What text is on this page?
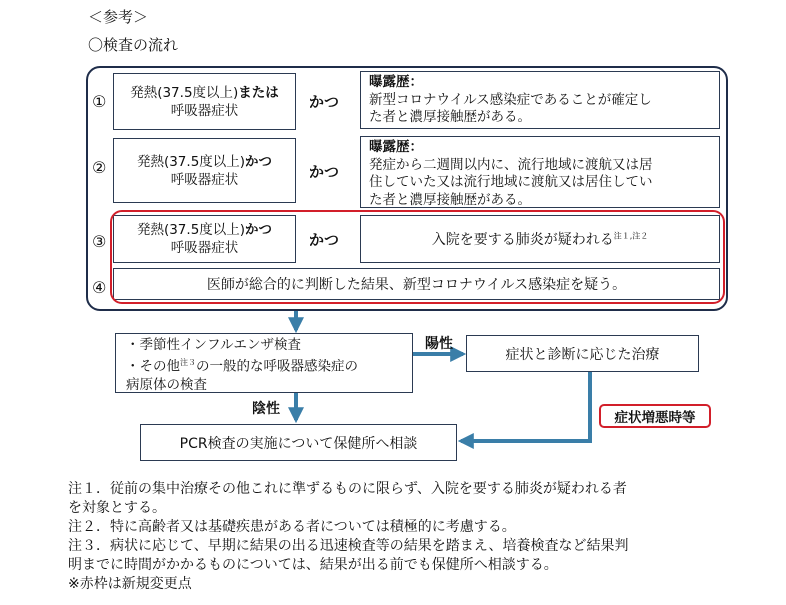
＜参考＞
〇検査の流れ
① 発熱(37.5度以上)または
呼吸器症状	かつ
曝露歴：
新型コロナウイルス感染症であることが確定し
た者と濃厚接触歴がある。
② 発熱(37.5度以上)かつ
呼吸器症状	かつ
曝露歴：
発症から二週間以内に、流行地域に渡航又は居
住していた又は流行地域に渡航又は居住してい
た者と濃厚接触歴がある。
③
発熱(37.5度以上)かつ
呼吸器症状	かつ	入院を要する肺炎が疑われる$^{注1,注2}$
④	医師が総合的に判断した結果、新型コロナウイルス感染症を疑う。
・季節性インフルエンザ検査
・その他$^{注3}$の一般的な呼吸器感染症の
病原体の検査
陽性
症状と診断に応じた治療
陰性
症状増悪時等
PCR検査の実施について保健所へ相談
注１．従前の集中治療その他これに準ずるものに限らず、入院を要する肺炎が疑われる者
を対象とする。
注２．特に高齢者又は基礎疾患がある者については積極的に考慮する。
注３．病状に応じて、早期に結果の出る迅速検査等の結果を踏まえ、培養検査など結果判
明までに時間がかかるものについては、結果が出る前でも保健所へ相談する。
※赤枠は新規変更点
